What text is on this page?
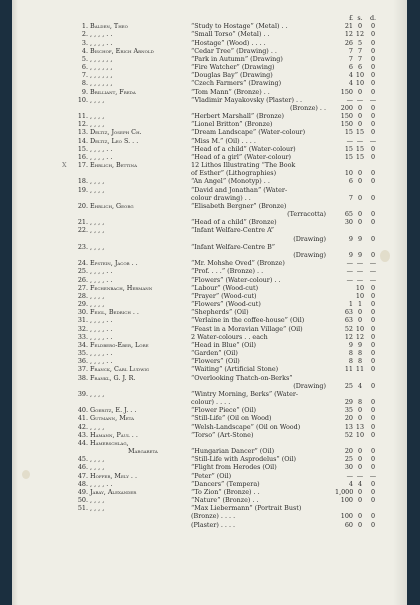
£ s.	d.
1. Balden, Theo	“Study to Hostage” (Metal) . .	21 0	0
2. , , , , . .	“Small Torso” (Metal) . .	12 12	0
3. , , , , . .	“Hostage” (Wood) . . . .	26 5	0
4. Bischof, Erich Arnold	“Cedar Tree” (Drawing) . .	7 7	0
5. , , , , , ,	“Park in Autumn” (Drawing)	7 7	0
6. , , , , , ,	“Fire Watcher” (Drawing)	6 6	0
7. , , , , , ,	“Douglas Bay” (Drawing)	4 10	0
8. , , , , , ,	“Czech Farmers” (Drawing)	4 10	0
9. Brilliant, Freda	“Tom Mann” (Bronze) . .	150 0	0
10. , , , ,	“Vladimir Mayakovsky (Plaster) . .	— — —
(Bronze) . .	200 0	0
11. , , , ,	“Herbert Marshall” (Bronze)	150 0	0
12. , , , ,	“Lionel Britton” (Bronze)	150 0	0
13. Deltiz, Joseph Ch.	“Dream Landscape” (Water-colour)	15 15	0
14. Deltiz, Leo S. . .	“Miss M.” (Oil) . . . .	— — —
15. , , , , . .	“Head of a child” (Water-colour)	15 15	0
16. , , , , . .	“Head of a girl” (Water-colour)	15 15	0
X 17. Ehrlich, Bettina	12 Lithos Illustrating “The Book
of Esther” (Lithographies)	10 0	0
18. , , , ,	“An Angel” (Monotyp) . .	6 0	0
19. , , , ,	“David and Jonathan” (Water-
colour drawing) . .	7 0	0
20. Ehrlich, Georg	“Elisabeth Bergner” (Bronze)
(Terracotta)	65 0	0
21. , , , ,	“Head of a child” (Bronze)	30 0	0
22. , , , ,	“Infant Welfare-Centre A”
(Drawing)	9 9	0
23. , , , ,	“Infant Welfare-Centre B”
(Drawing)	9 9	0
24. Epstein, Jacob . .	“Mr. Mohshe Oved” (Bronze)	— — —
25. , , , , . .	“Prof. . . .” (Bronze) . .	— — —
26. , , , , . .	“Flowers” (Water-colour) . .	— — —
27. Fechenbach, Hermann	“Labour” (Wood-cut)	10	0
28. , , , ,	“Prayer” (Wood-cut)	10	0
29. , , , ,	“Flowers” (Wood-cut)	1 1	0
30. Feigl, Bedrich . .	“Shepherds” (Oil)	63 0	0
31. , , , , . .	“Verlaine in the coffee-house” (Oil)	63 0	0
32. , , , , . .	“Feast in a Moravian Village” (Oil)	52 10	0
33. , , , , . .	2 Water-colours . . each	12 12	0
34. Feldberg-Eber, Lore	“Head in Blue” (Oil)	9 9	0
35. , , , , . .	“Garden” (Oil)	8 8	0
36. , , , , . .	“Flowers” (Oil)	8 8	0
37. Franck, Carl Ludwig	“Waiting” (Artificial Stone)	11 11	0
38. Frankl, G. J. R.	“Overlooking Thatch-on-Berks”
(Drawing)	25 4	0
39. , , , ,	“Wintry Morning, Berks” (Water-
colour) . . . .	29 8	0
40. Goeritz, E. J. . .	“Flower Piece” (Oil)	35 0	0
41. Gutmann, Meta	“Still-Life” (Oil on Wood)	20 0	0
42. , , , ,	“Welsh-Landscape” (Oil on Wood)	13 13	0
43. Hamann, Paul . .	“Torso” (Art-Stone)	52 10	0
44. Hamerschlag,
Margareta	“Hungarian Dancer” (Oil)	20 0	0
45. , , , ,	“Still-Life with Asprodelus” (Oil)	25 0	0
46. , , , ,	“Flight from Herodes (Oil)	30 0	0
47. Hoffer, Mely . .	“Peter” (Oil)	— — —
48. , , , , . .	“Dancers” (Tempera)	4 4	0
49. Jabay, Alexander	“To Zion” (Bronze) . .	1,000 0	0
50. , , , ,	“Nature” (Bronze) . .	100 0	0
51. , , , ,	“Max Liebermann” (Portrait Bust)
(Bronze) . . . .	100 0	0
(Plaster) . . . .	60 0	0
